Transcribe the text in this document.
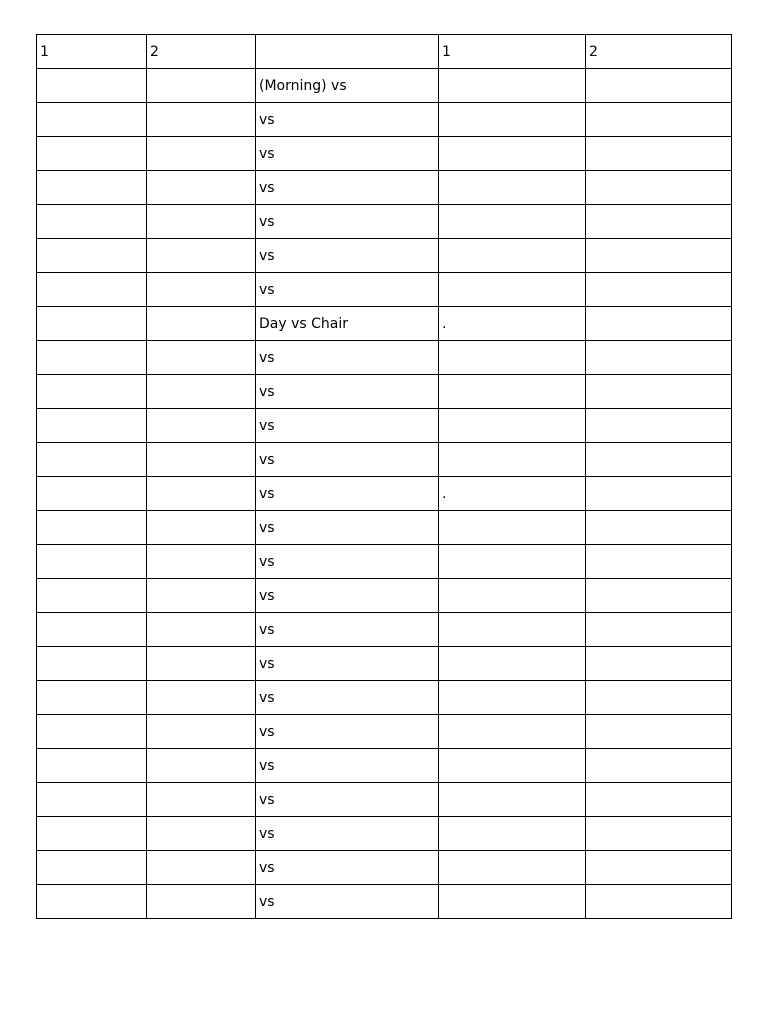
1	2		1	2
		(Morning) vs		
		vs		
		vs		
		vs		
		vs		
		vs		
		vs		
		Day vs Chair	.	
		vs		
		vs		
		vs		
		vs		
		vs	.	
		vs		
		vs		
		vs		
		vs		
		vs		
		vs		
		vs		
		vs		
		vs		
		vs		
		vs		
		vs		
